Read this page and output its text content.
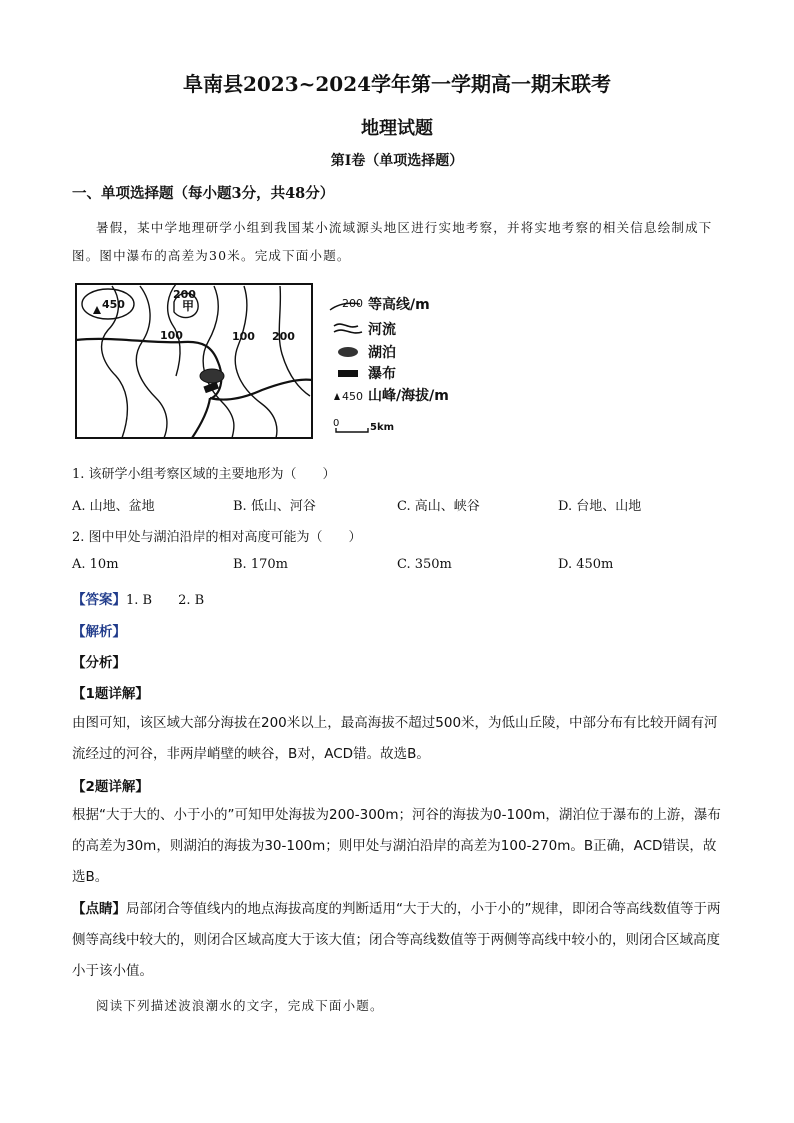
阜南县2023~2024学年第一学期高一期末联考
地理试题
第Ⅰ卷（单项选择题）
一、单项选择题（每小题3分，共48分）
暑假，某中学地理研学小组到我国某小流域源头地区进行实地考察，并将实地考察的相关信息绘制成下图。图中瀑布的高差为30米。完成下面小题。
450
200
甲
100	100 200
200 等高线/m
河流
湖泊
瀑布
450 山峰/海拔/m
0	5km
1. 该研学小组考察区域的主要地形为（　　）
A. 山地、盆地	B. 低山、河谷	C. 高山、峡谷	D. 台地、山地
2. 图中甲处与湖泊沿岸的相对高度可能为（　　）
A. 10m	B. 170m	C. 350m	D. 450m
【答案】1. B　　2. B
【解析】
【分析】
【1题详解】
由图可知，该区域大部分海拔在200米以上，最高海拔不超过500米，为低山丘陵，中部分布有比较开阔有河流经过的河谷，非两岸峭壁的峡谷，B对，ACD错。故选B。
【2题详解】
根据“大于大的、小于小的”可知甲处海拔为200-300m；河谷的海拔为0-100m，湖泊位于瀑布的上游，瀑布的高差为30m，则湖泊的海拔为30-100m；则甲处与湖泊沿岸的高差为100-270m。B正确，ACD错误，故选B。
【点睛】局部闭合等值线内的地点海拔高度的判断适用“大于大的，小于小的”规律，即闭合等高线数值等于两侧等高线中较大的，则闭合区域高度大于该大值；闭合等高线数值等于两侧等高线中较小的，则闭合区域高度小于该小值。
阅读下列描述波浪潮水的文字，完成下面小题。
